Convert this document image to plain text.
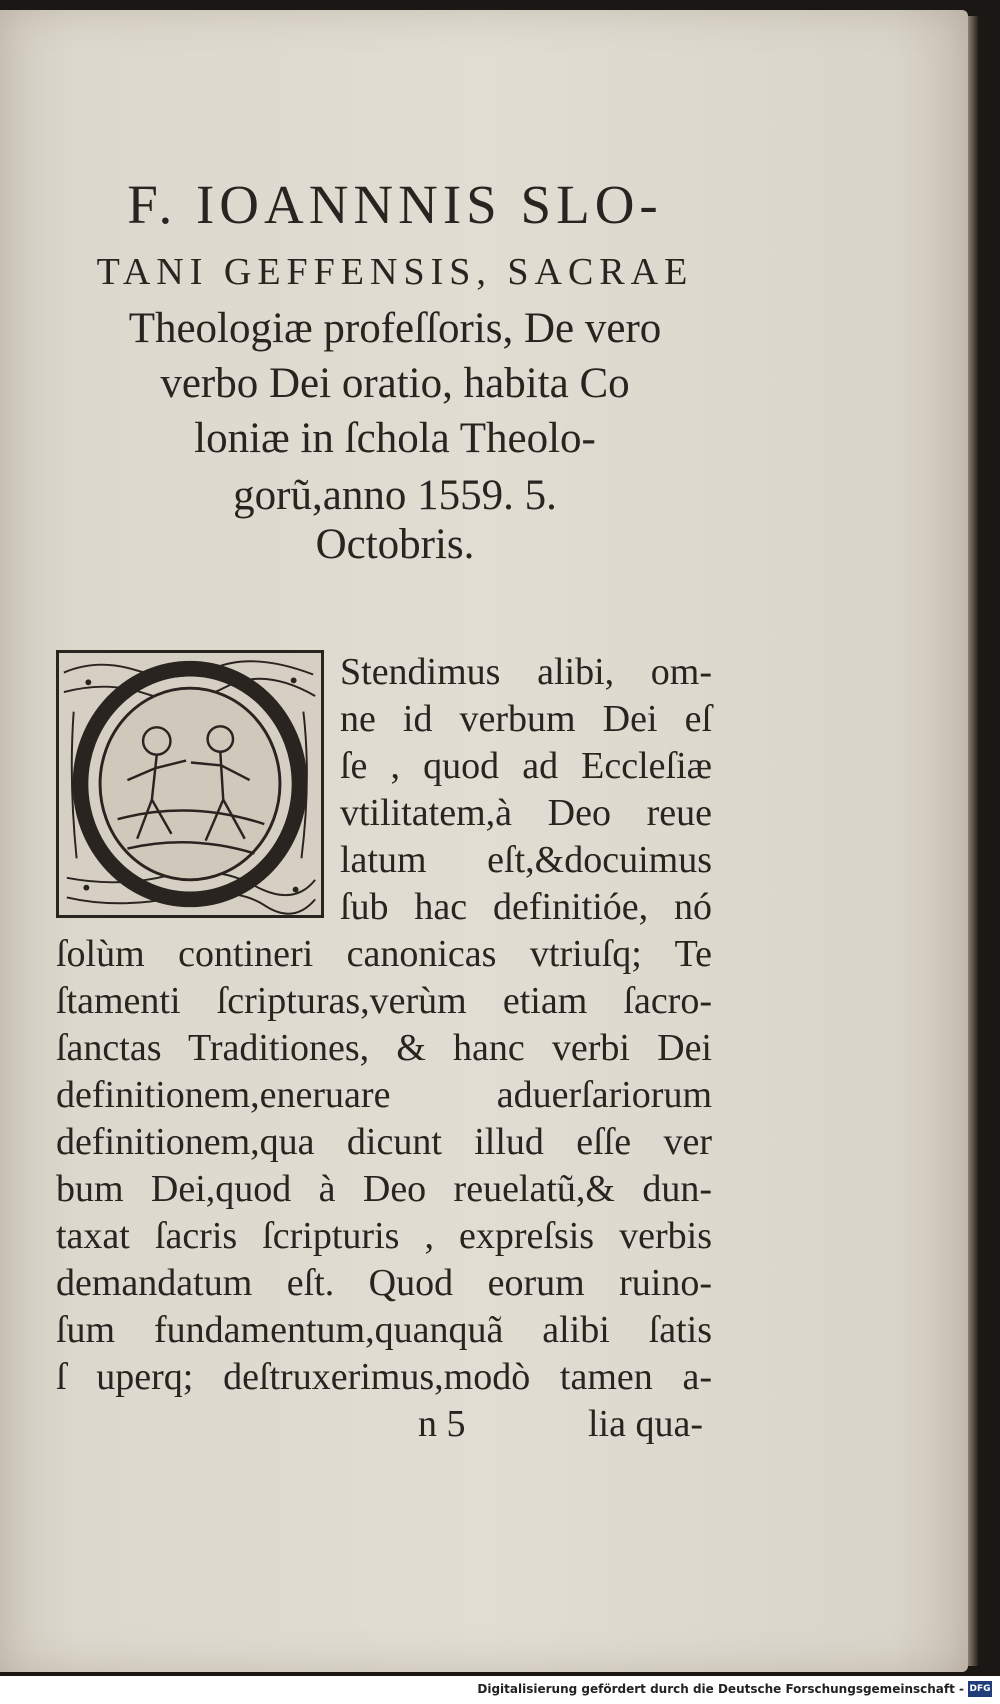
F. IOANNNIS SLO-
TANI GEFFENSIS, SACRAE
Theologiæ profeſſoris, De vero
verbo Dei oratio, habita Co
loniæ in ſchola Theolo-
gorũ,anno 1559. 5.
Octobris.
Stendimus alibi, om-
ne id verbum Dei eſ
ſe , quod ad Eccleſiæ
vtilitatem,à Deo reue
latum eſt,&docuimus
ſub hac definitióe, nó
ſolùm contineri canonicas vtriuſq; Te
ſtamenti ſcripturas,verùm etiam ſacro-
ſanctas Traditiones, & hanc verbi Dei
definitionem,eneruare aduerſariorum
definitionem,qua dicunt illud eſſe ver
bum Dei,quod à Deo reuelatũ,& dun-
taxat ſacris ſcripturis , expreſsis verbis
demandatum eſt. Quod eorum ruino-
ſum fundamentum,quanquã alibi ſatis
ſ uperq; deſtruxerimus,modò tamen a-
n 5	lia qua-
Digitalisierung gefördert durch die Deutsche Forschungsgemeinschaft - DFG
